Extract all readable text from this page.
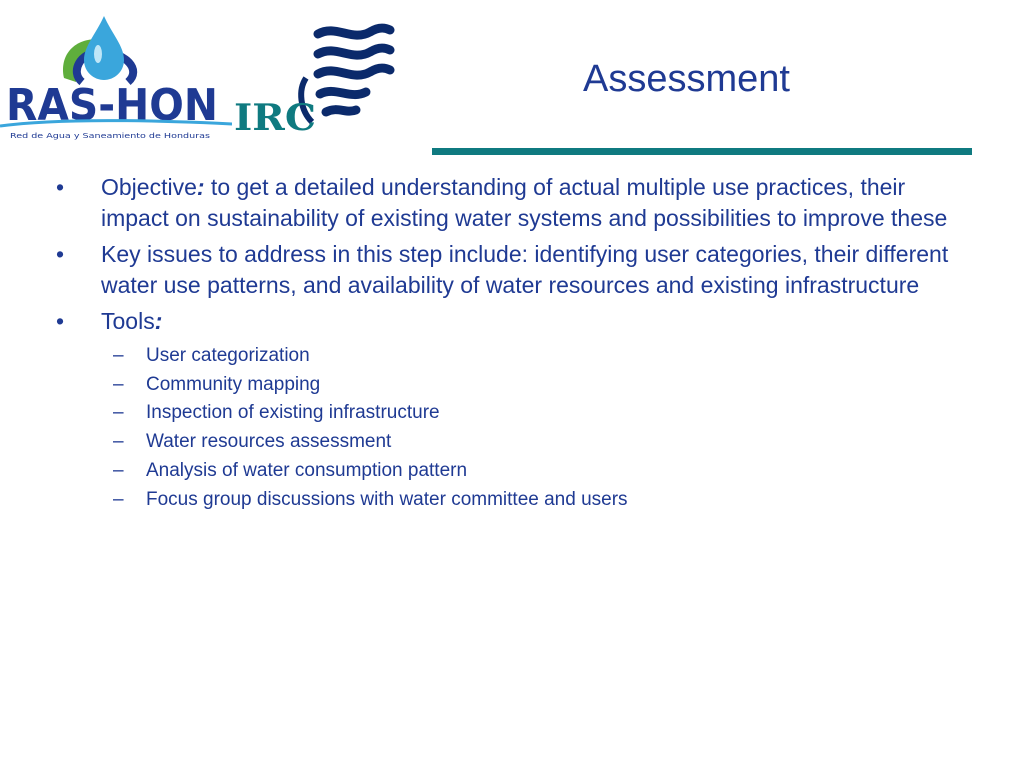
RAS-HON
Red de Agua y Saneamiento de Honduras IRC
Assessment
•	Objective: to get a detailed understanding of actual multiple use practices, their impact on sustainability of existing water systems and possibilities to improve these
•	Key issues to address in this step include: identifying user categories, their different water use patterns, and availability of water resources and existing infrastructure
•	Tools:
–	User categorization
–	Community mapping
–	Inspection of existing infrastructure
–	Water resources assessment
–	Analysis of water consumption pattern
–	Focus group discussions with water committee and users
